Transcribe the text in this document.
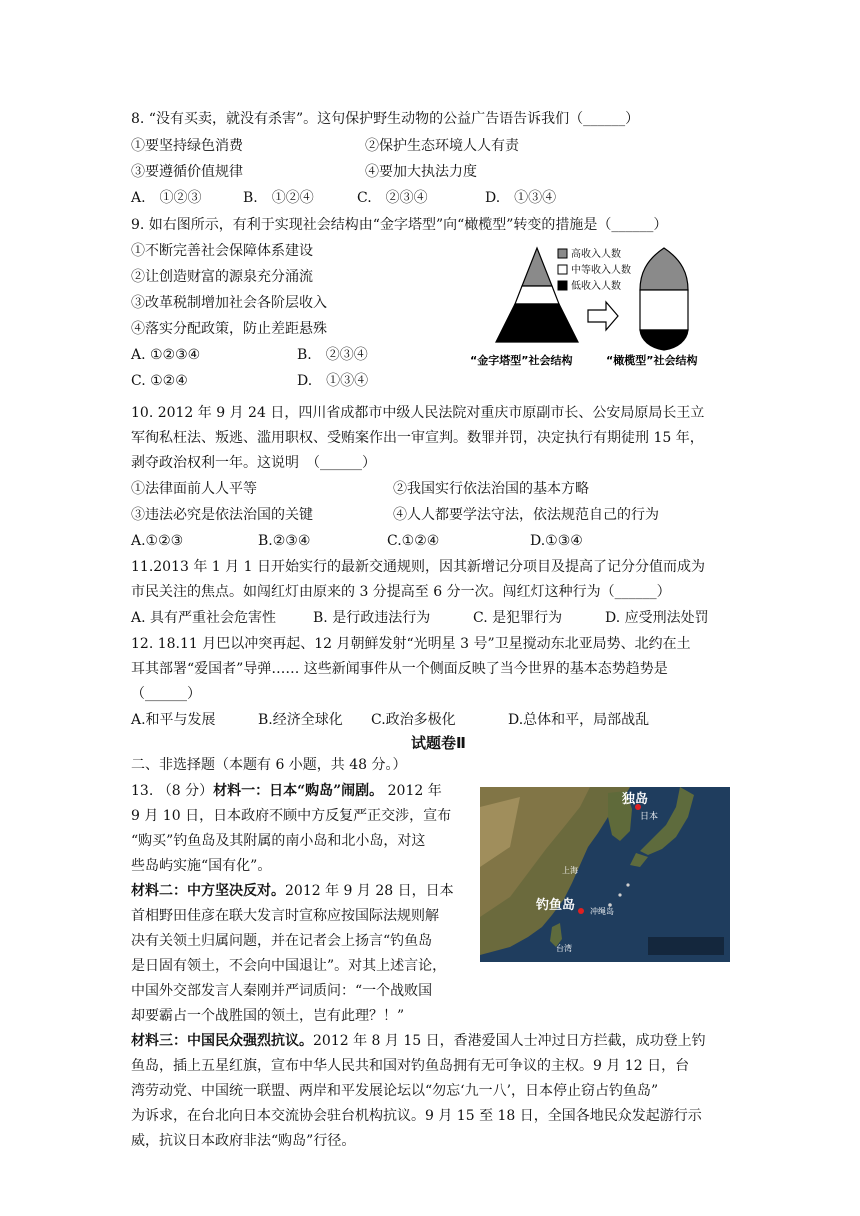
8. “没有买卖，就没有杀害”。这句保护野生动物的公益广告语告诉我们（______）
①要坚持绿色消费	②保护生态环境人人有责
③要遵循价值规律	④要加大执法力度
A.　①②③	B.　①②④	C.　②③④	D.　①③④
9. 如右图所示，有利于实现社会结构由“金字塔型”向“橄榄型”转变的措施是（______）
①不断完善社会保障体系建设
②让创造财富的源泉充分涌流
③改革税制增加社会各阶层收入
④落实分配政策，防止差距悬殊
A. ①②③④	B.　②③④
C. ①②④	D.　①③④
高收入人数
中等收入人数
低收入人数
“金字塔型”社会结构	“橄榄型”社会结构
10. 2012 年 9 月 24 日，四川省成都市中级人民法院对重庆市原副市长、公安局原局长王立
军徇私枉法、叛逃、滥用职权、受贿案作出一审宣判。数罪并罚，决定执行有期徒刑 15 年，
剥夺政治权利一年。这说明　（______）
①法律面前人人平等	②我国实行依法治国的基本方略
③违法必究是依法治国的关键	④人人都要学法守法，依法规范自己的行为
A.①②③	B.②③④	C.①②④	D.①③④
11.2013 年 1 月 1 日开始实行的最新交通规则，因其新增记分项目及提高了记分分值而成为
市民关注的焦点。如闯红灯由原来的 3 分提高至 6 分一次。闯红灯这种行为（______）
A. 具有严重社会危害性	B. 是行政违法行为	C. 是犯罪行为	D. 应受刑法处罚
12. 18.11 月巴以冲突再起、12 月朝鲜发射“光明星 3 号”卫星搅动东北亚局势、北约在土
耳其部署“爱国者”导弹…… 这些新闻事件从一个侧面反映了当今世界的基本态势趋势是
（______）
A.和平与发展	B.经济全球化 C.政治多极化	D.总体和平，局部战乱
试题卷Ⅱ
二、非选择题（本题有 6 小题，共 48 分。）
13. （8 分）材料一：日本“购岛”闹剧。 2012 年
9 月 10 日，日本政府不顾中方反复严正交涉，宣布
“购买”钓鱼岛及其附属的南小岛和北小岛，对这
些岛屿实施“国有化”。
材料二：中方坚决反对。2012 年 9 月 28 日，日本
首相野田佳彦在联大发言时宣称应按国际法规则解
决有关领土归属问题，并在记者会上扬言“钓鱼岛
是日固有领土，不会向中国退让”。对其上述言论，
中国外交部发言人秦刚并严词质问：“一个战败国
却要霸占一个战胜国的领土，岂有此理？！”
材料三：中国民众强烈抗议。2012 年 8 月 15 日，香港爱国人士冲过日方拦截，成功登上钓
鱼岛，插上五星红旗，宣布中华人民共和国对钓鱼岛拥有无可争议的主权。9 月 12 日，台
湾劳动党、中国统一联盟、两岸和平发展论坛以“勿忘‘九一八’，日本停止窃占钓鱼岛”
为诉求，在台北向日本交流协会驻台机构抗议。9 月 15 至 18 日，全国各地民众发起游行示
威，抗议日本政府非法“购岛”行径。
独岛
日本
上海
钓鱼岛 冲绳岛
台湾
